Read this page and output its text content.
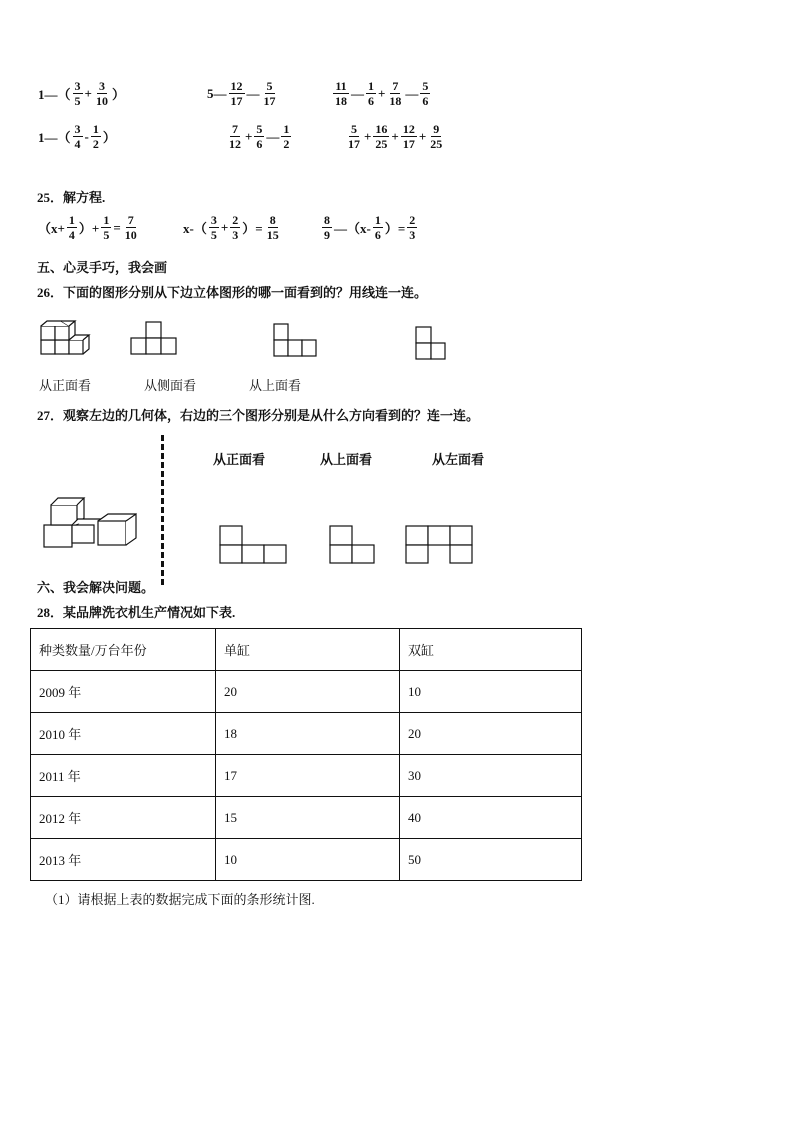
1—（ $\frac{3}{5} + \frac{3}{10}$ ）	5— $\frac{12}{17}$ — $\frac{5}{17}$	$\frac{11}{18}$ — $\frac{1}{6} + \frac{7}{18}$ — $\frac{5}{6}$
1—（ $\frac{3}{4} - \frac{1}{2}$ ）	$\frac{7}{12} + \frac{5}{6}$ — $\frac{1}{2}$	$\frac{5}{17} + \frac{16}{25} + \frac{12}{17} + \frac{9}{25}$
25．解方程.
（$x+ \frac{1}{4}$ ）+ $\frac{1}{5} = \frac{7}{10}$	$x-( \frac{3}{5} + \frac{2}{3}$ ）= $\frac{8}{15}$	$\frac{8}{9}$ —（x- $\frac{1}{6}$ ）= $\frac{2}{3}$
五、心灵手巧，我会画
26．下面的图形分别从下边立体图形的哪一面看到的？用线连一连。
从正面看	从侧面看	从上面看
27．观察左边的几何体，右边的三个图形分别是从什么方向看到的？连一连。
从正面看	从上面看	从左面看
六、我会解决问题。
28．某品牌洗衣机生产情况如下表.
种类数量/万台年份	单缸	双缸
2009 年	20	10
2010 年	18	20
2011 年	17	30
2012 年	15	40
2013 年	10	50
（1）请根据上表的数据完成下面的条形统计图.
